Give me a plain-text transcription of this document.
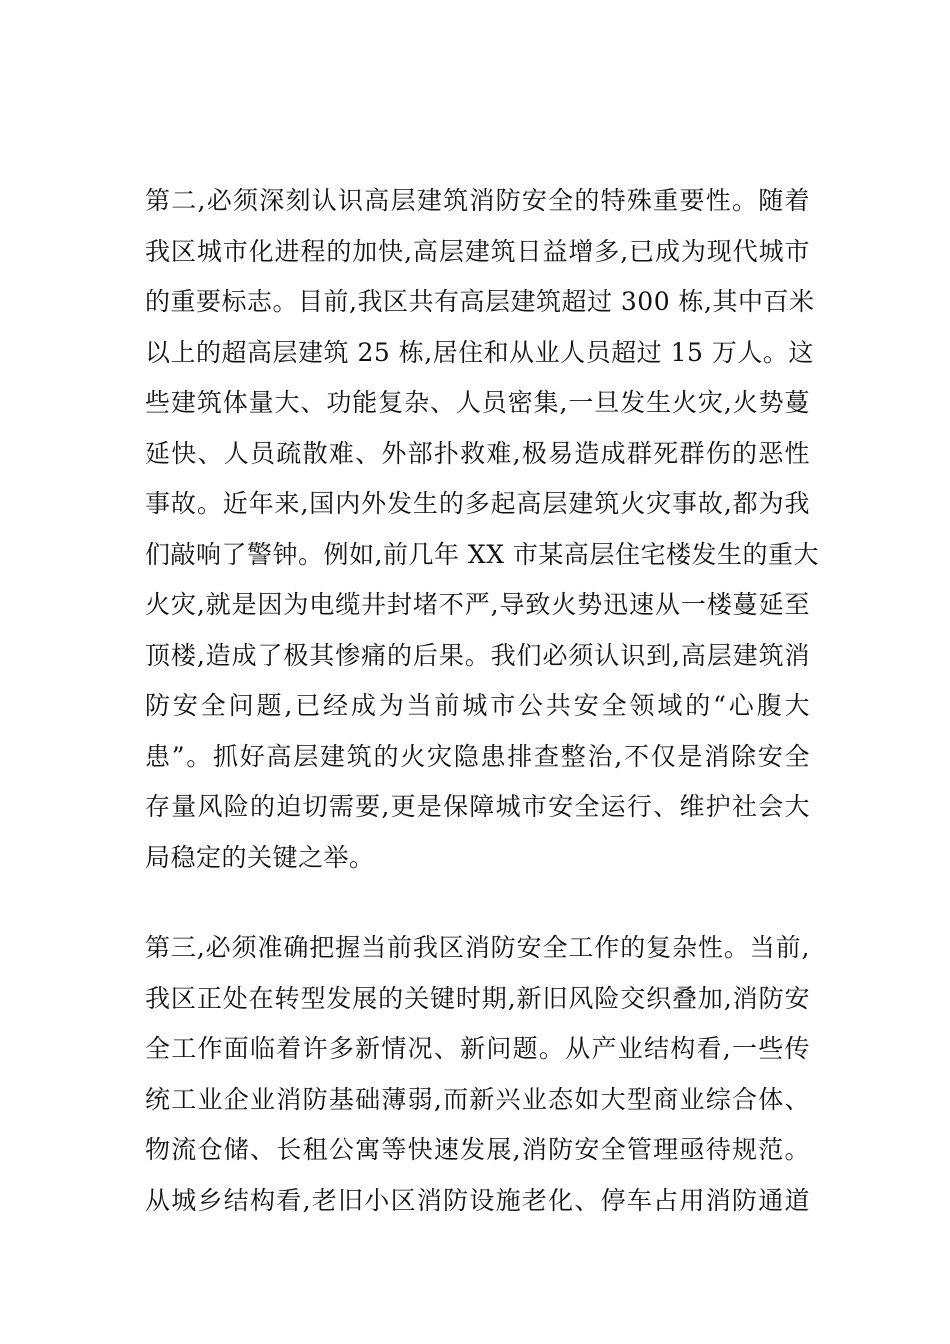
第二,必须深刻认识高层建筑消防安全的特殊重要性。随着
我区城市化进程的加快,高层建筑日益增多,已成为现代城市
的重要标志。目前,我区共有高层建筑超过 300 栋,其中百米
以上的超高层建筑 25 栋,居住和从业人员超过 15 万人。这
些建筑体量大、功能复杂、人员密集,一旦发生火灾,火势蔓
延快、人员疏散难、外部扑救难,极易造成群死群伤的恶性
事故。近年来,国内外发生的多起高层建筑火灾事故,都为我
们敲响了警钟。例如,前几年 XX 市某高层住宅楼发生的重大
火灾,就是因为电缆井封堵不严,导致火势迅速从一楼蔓延至
顶楼,造成了极其惨痛的后果。我们必须认识到,高层建筑消
防安全问题,已经成为当前城市公共安全领域的“心腹大
患”。抓好高层建筑的火灾隐患排查整治,不仅是消除安全
存量风险的迫切需要,更是保障城市安全运行、维护社会大
局稳定的关键之举。
第三,必须准确把握当前我区消防安全工作的复杂性。当前,
我区正处在转型发展的关键时期,新旧风险交织叠加,消防安
全工作面临着许多新情况、新问题。从产业结构看,一些传
统工业企业消防基础薄弱,而新兴业态如大型商业综合体、
物流仓储、长租公寓等快速发展,消防安全管理亟待规范。
从城乡结构看,老旧小区消防设施老化、停车占用消防通道
